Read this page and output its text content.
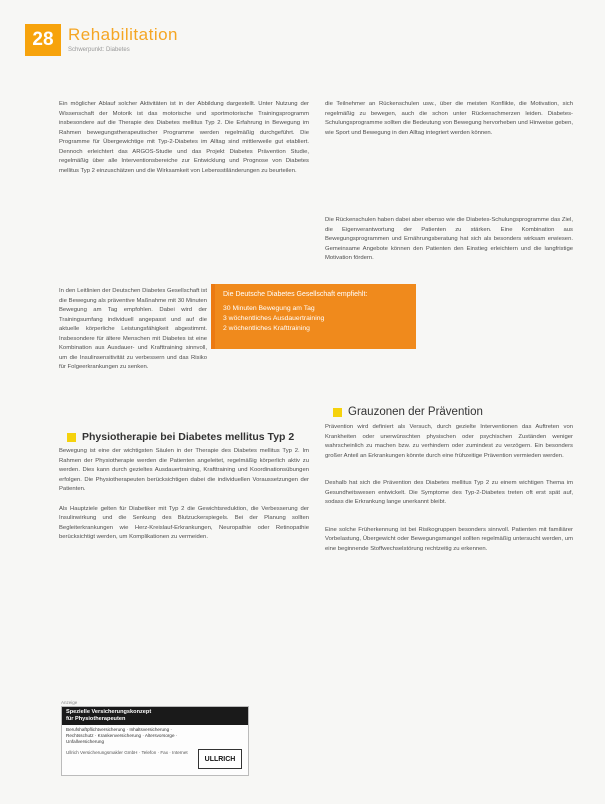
28 Rehabilitation
Schwerpunkt: Diabetes

Ein möglicher Ablauf solcher Aktivitäten ist in der Abbildung dargestellt. Unter Nutzung der Wissenschaft der Motorik ist das motorische und sportmotorische Trainingsprogramm insbesondere auf die Therapie des Diabetes mellitus Typ 2. Die Erfahrung in Bewegung im Rahmen bewegungstherapeutischer Programme werden regelmäßig durchgeführt. Die Programme für Übergewichtige mit Typ-2-Diabetes im Alltag sind mittlerweile gut etabliert. Dennoch erleichtert das ARGOS-Studie und das Projekt Diabetes Prävention Studie, regelmäßig über alle Interventionsbereiche zur Entwicklung und Prognose von Diabetes mellitus Typ 2 einzuschätzen und die Wirksamkeit von Lebensstiländerungen zu beurteilen.

In den Leitlinien der Deutschen Diabetes Gesellschaft ist die Bewegung als präventive Maßnahme mit 30 Minuten Bewegung am Tag empfohlen. Dabei wird der Trainingsumfang individuell angepasst und auf die aktuelle körperliche Leistungsfähigkeit abgestimmt. Insbesondere für ältere Menschen mit Diabetes ist eine Kombination aus Ausdauer- und Krafttraining sinnvoll, um die Insulinsensitivität zu verbessern und das Risiko für Folgeerkrankungen zu senken.

Die Deutsche Diabetes Gesellschaft empfiehlt:
30 Minuten Bewegung am Tag
3 wöchentliches Ausdauertraining
2 wöchentliches Krafttraining
Physiotherapie bei Diabetes mellitus Typ 2

Bewegung ist eine der wichtigsten Säulen in der Therapie des Diabetes mellitus Typ 2. Im Rahmen der Physiotherapie werden die Patienten angeleitet, regelmäßig körperlich aktiv zu werden. Dies kann durch gezieltes Ausdauertraining, Krafttraining und Koordinationsübungen erfolgen. Die Physiotherapeuten berücksichtigen dabei die individuellen Voraussetzungen der Patienten.

Als Hauptziele gelten für Diabetiker mit Typ 2 die Gewichtsreduktion, die Verbesserung der Insulinwirkung und die Senkung des Blutzuckerspiegels. Bei der Planung sollten Begleiterkrankungen wie Herz-Kreislauf-Erkrankungen, Neuropathie oder Retinopathie berücksichtigt werden, um Komplikationen zu vermeiden.

Anzeige
Spezielle Versicherungskonzept
für Physiotherapeuten
Berufshaftpflichtversicherung · Inhaltsversicherung · Rechtsschutz · Krankenversicherung · Altersvorsorge · Unfallversicherung
Ullrich Versicherungsmakler GmbH · Telefon · Fax · Internet
ULLRICH

die Teilnehmer an Rückenschulen usw., über die meisten Konflikte, die Motivation, sich regelmäßig zu bewegen, auch die schon unter Rückenschmerzen leiden. Diabetes-Schulungsprogramme sollten die Bedeutung von Bewegung hervorheben und Hinweise geben, wie Sport und Bewegung in den Alltag integriert werden können.

Die Rückenschulen haben dabei aber ebenso wie die Diabetes-Schulungsprogramme das Ziel, die Eigenverantwortung der Patienten zu stärken. Eine Kombination aus Bewegungsprogrammen und Ernährungsberatung hat sich als besonders wirksam erwiesen. Gemeinsame Angebote können den Patienten den Einstieg erleichtern und die langfristige Motivation fördern.

Grauzonen der Prävention

Prävention wird definiert als Versuch, durch gezielte Interventionen das Auftreten von Krankheiten oder unerwünschten physischen oder psychischen Zuständen weniger wahrscheinlich zu machen bzw. zu verhindern oder zumindest zu verzögern. Ein besonders großer Anteil an Erkrankungen könnte durch eine frühzeitige Prävention vermieden werden.

Deshalb hat sich die Prävention des Diabetes mellitus Typ 2 zu einem wichtigen Thema im Gesundheitswesen entwickelt. Die Symptome des Typ-2-Diabetes treten oft erst spät auf, sodass die Erkrankung lange unerkannt bleibt.

Eine solche Früherkennung ist bei Risikogruppen besonders sinnvoll. Patienten mit familiärer Vorbelastung, Übergewicht oder Bewegungsmangel sollten regelmäßig untersucht werden, um eine beginnende Stoffwechselstörung rechtzeitig zu erkennen.
